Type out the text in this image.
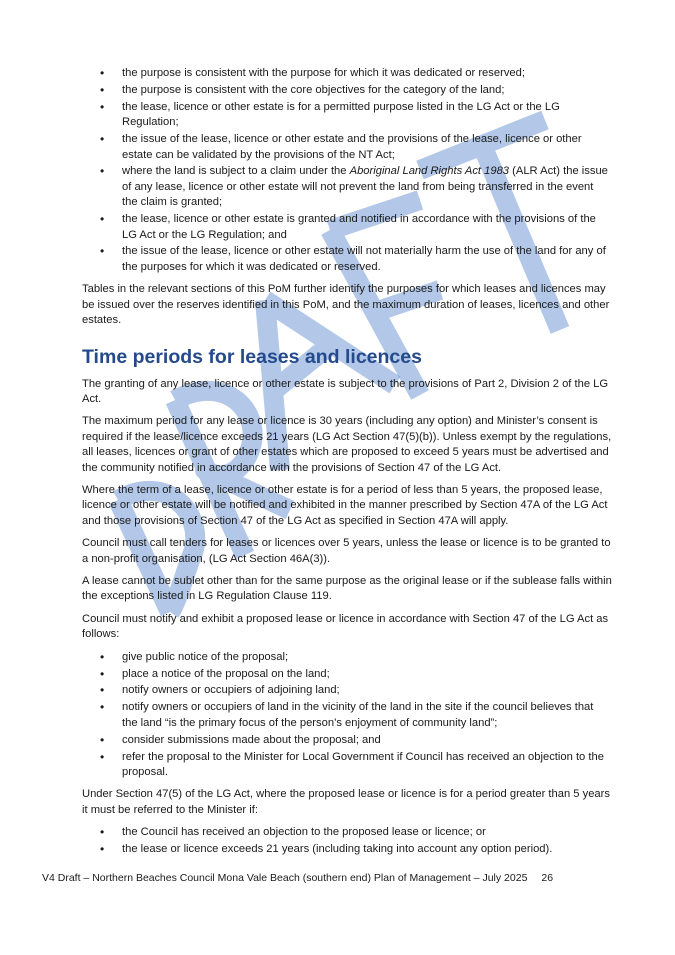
• the purpose is consistent with the purpose for which it was dedicated or reserved;
• the purpose is consistent with the core objectives for the category of the land;
• the lease, licence or other estate is for a permitted purpose listed in the LG Act or the LG Regulation;
• the issue of the lease, licence or other estate and the provisions of the lease, licence or other estate can be validated by the provisions of the NT Act;
• where the land is subject to a claim under the Aboriginal Land Rights Act 1983 (ALR Act) the issue of any lease, licence or other estate will not prevent the land from being transferred in the event the claim is granted;
• the lease, licence or other estate is granted and notified in accordance with the provisions of the LG Act or the LG Regulation; and
• the issue of the lease, licence or other estate will not materially harm the use of the land for any of the purposes for which it was dedicated or reserved.

Tables in the relevant sections of this PoM further identify the purposes for which leases and licences may be issued over the reserves identified in this PoM, and the maximum duration of leases, licences and other estates.

Time periods for leases and licences

The granting of any lease, licence or other estate is subject to the provisions of Part 2, Division 2 of the LG Act.

The maximum period for any lease or licence is 30 years (including any option) and Minister’s consent is required if the lease/licence exceeds 21 years (LG Act Section 47(5)(b)). Unless exempt by the regulations, all leases, licences or grant of other estates which are proposed to exceed 5 years must be advertised and the community notified in accordance with the provisions of Section 47 of the LG Act.

Where the term of a lease, licence or other estate is for a period of less than 5 years, the proposed lease, licence or other estate will be notified and exhibited in the manner prescribed by Section 47A of the LG Act and those provisions of Section 47 of the LG Act as specified in Section 47A will apply.

Council must call tenders for leases or licences over 5 years, unless the lease or licence is to be granted to a non-profit organisation, (LG Act Section 46A(3)).

A lease cannot be sublet other than for the same purpose as the original lease or if the sublease falls within the exceptions listed in LG Regulation Clause 119.

Council must notify and exhibit a proposed lease or licence in accordance with Section 47 of the LG Act as follows:

• give public notice of the proposal;
• place a notice of the proposal on the land;
• notify owners or occupiers of adjoining land;
• notify owners or occupiers of land in the vicinity of the land in the site if the council believes that the land “is the primary focus of the person’s enjoyment of community land”;
• consider submissions made about the proposal; and
• refer the proposal to the Minister for Local Government if Council has received an objection to the proposal.

Under Section 47(5) of the LG Act, where the proposed lease or licence is for a period greater than 5 years it must be referred to the Minister if:

• the Council has received an objection to the proposed lease or licence; or
• the lease or licence exceeds 21 years (including taking into account any option period).
V4 Draft – Northern Beaches Council Mona Vale Beach (southern end) Plan of Management – July 2025 26
